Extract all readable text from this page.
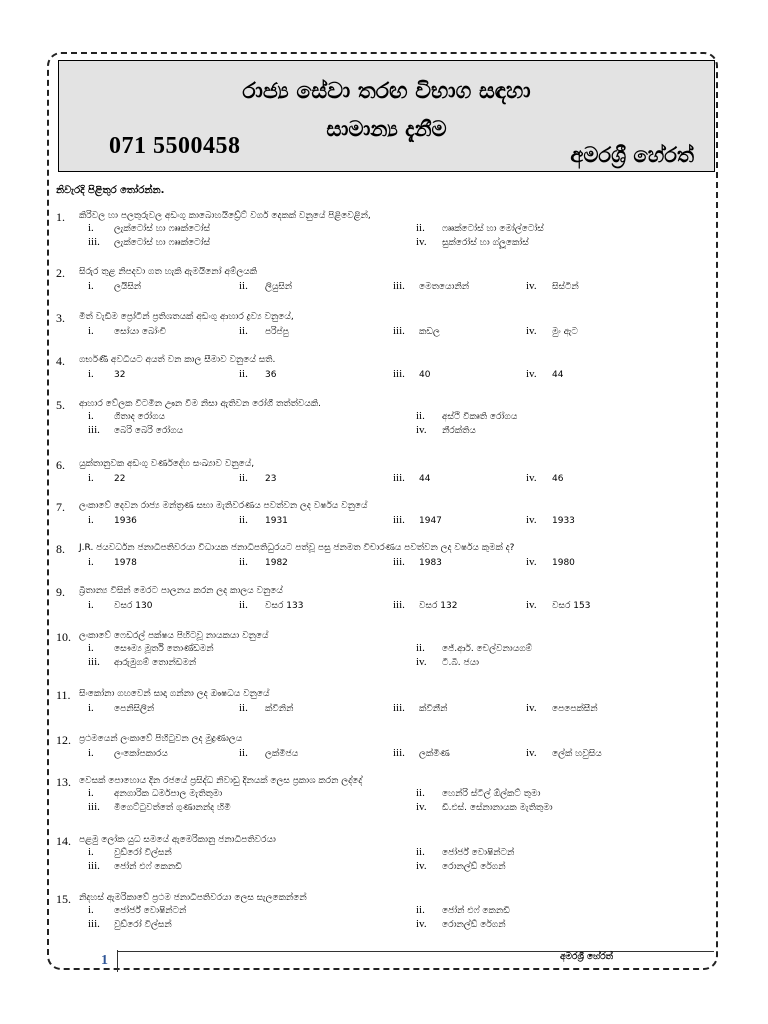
රාජ්‍ය සේවා තරඟ විභාග සඳහා
සාමාන්‍ය දැනීම
071 5500458	අමරශ්‍රී හේරත්
නිවැරදි පිළිතුර තෝරන්න.
1. කිරිවල හා පලතුරුවල අඩංගු කාබොහයිඩ්‍රේට් වර්ග දෙකක් වනුයේ පිළිවෙළින්,
i. ලැක්ටෝස් හා ෆෲක්ටෝස්	ii. ෆෲක්ටෝස් හා මෝල්ටෝස්
iii. ලැක්ටෝස් හා ෆෲක්ටෝස්	iv. සුක්රෝස් හා ග්ලූකෝස්
2. සිරුර තුළ නිපදවා ගත හැකි ඇමයිනෝ අම්ලයකි
i. ලයිසින්	ii. ලියුසින්	iii. මෙතයොනින්	iv. සිස්ටින්
3. මිත් වැඩිම ප්‍රෝටීන් ප්‍රතිශතයක් අඩංගු ආහාර ද්‍රව්‍ය වනුයේ,
i. සෝයා බෝංචි	ii. පරිප්පු	iii. කඩල	iv. මුං ඇට
4. ගර්භණී අවධියට අයත් වන කාල සීමාව වනුයේ සති.
i. 32	ii. 36	iii. 40	iv. 44
5. ආහාර වේලක විටමින ඌන වීම නිසා ඇතිවන රෝගී තත්ත්වයකි.
i. ගිතාද රෝගය	ii. අස්ථි විකෘති රෝගය
iii. බෙරි බෙරි රෝගය	iv. නීරක්තිය
6. යුක්තානුවක අඩංගු වර්ණදේහ සංඛ්‍යාව වනුයේ,
i. 22	ii. 23	iii. 44	iv. 46
7. ලංකාවේ දෙවන රාජ්‍ය මන්ත්‍රණ සභා මැතිවරණය පවත්වන ලද වර්ෂය වනුයේ
i. 1936	ii. 1931	iii. 1947	iv. 1933
8. J.R. ජයවර්ධන ජනාධිපතිවරයා විධායක ජනාධිපතිධුරයට පත්වූ පසු ජනමත විචාරණය පවත්වන ලද වර්ෂය කුමක් ද?
i. 1978	ii. 1982	iii. 1983	iv. 1980
9. බ්‍රිතාන්‍ය විසින් මෙරට පාලනය කරන ලද කාලය වනුයේ
i. වසර 130	ii. වසර 133	iii. වසර 132	iv. වසර 153
10. ලංකාවේ ෆෙඩරල් පක්ෂය පිහිටවූ නායකයා වනුයේ
i. සෞම්‍ය මූර්ති තොණ්ඩමන්	ii. ජේ.ආර්. චෙල්වනායගම්
iii. ආරුමුගම් තොන්ඩමන්	iv. ටී.බී. ජයා
11. සිංකෝනා ගහවෙන් සාදා ගන්නා ලද ඖෂධය වනුයේ
i. පෙනිසිලින්	ii. ක්වීනින්	iii. ක්විනීන්	iv. පෙපෙක්සීන්
12. ප්‍රථමයෙන් ලංකාවේ පිහිටුවන ලද මුද්‍රණාලය
i. ලංකෝපකාරය	ii. ලක්මිජය	iii. ලක්මිණ	iv. ලේක් හවුසිය
13. වෙසක් පොහොය දින රජයේ ප්‍රසිද්ධ නිවාඩු දිනයක් ලෙස ප්‍රකාශ කරන ලද්දේ
i. අනගාරික ධර්මපාල මැතිතුමා	ii. හෙන්රි ස්ටීල් ඕල්කට් තුමා
iii. මීගෙට්ටුවත්තේ ගුණානන්ද හිමි	iv. ඩී.එස්. සේනානායක මැතිතුමා
14. පළමු ලෝක යුධ සමයේ ඇමෙරිකානු ජනාධිපතිවරයා
i. වුඩ්රෝ විල්සන්	ii. ජෝර්ජ් වොෂින්ටන්
iii. ජෝන් එෆ් කෙනඩි	iv. රොනල්ඩ් රේගන්
15. නිදහස් ඇමරිකාවේ ප්‍රථම ජනාධිපතිවරයා ලෙස සැලකෙන්නේ
i. ජෝර්ජ් වොෂින්ටන්	ii. ජෝන් එෆ් කෙනඩි
iii. වුඩ්රෝ විල්සන්	iv. රොනල්ඩ් රේගන්
1	අමරශ්‍රී හේරත්
